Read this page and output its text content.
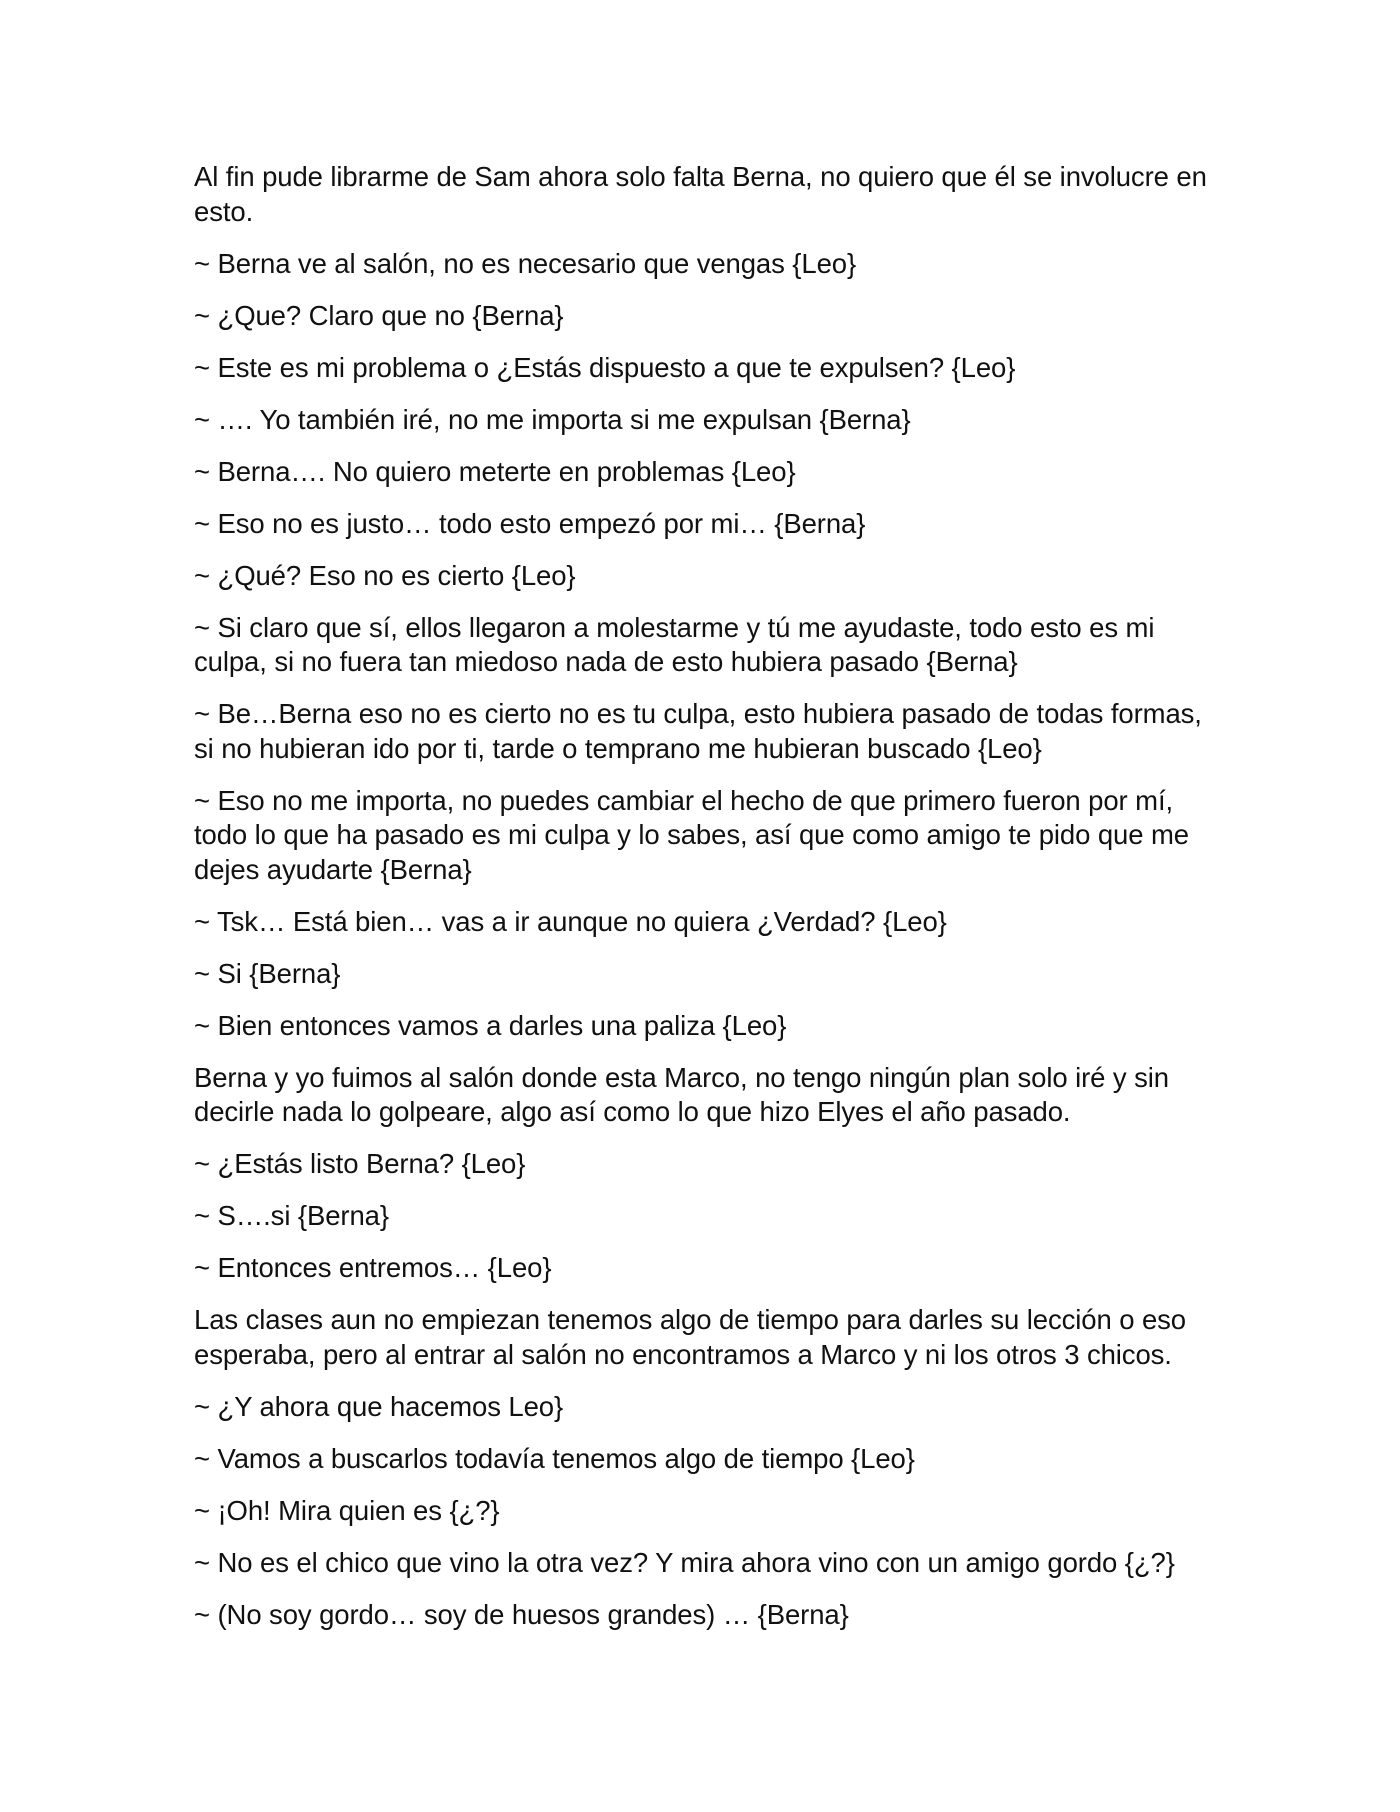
Al fin pude librarme de Sam ahora solo falta Berna, no quiero que él se involucre en esto.

~ Berna ve al salón, no es necesario que vengas {Leo}

~ ¿Que? Claro que no {Berna}

~ Este es mi problema o ¿Estás dispuesto a que te expulsen? {Leo}

~ …. Yo también iré, no me importa si me expulsan {Berna}

~ Berna…. No quiero meterte en problemas {Leo}

~ Eso no es justo… todo esto empezó por mi… {Berna}

~ ¿Qué? Eso no es cierto {Leo}

~ Si claro que sí, ellos llegaron a molestarme y tú me ayudaste, todo esto es mi culpa, si no fuera tan miedoso nada de esto hubiera pasado {Berna}

~ Be…Berna eso no es cierto no es tu culpa, esto hubiera pasado de todas formas, si no hubieran ido por ti, tarde o temprano me hubieran buscado {Leo}

~ Eso no me importa, no puedes cambiar el hecho de que primero fueron por mí, todo lo que ha pasado es mi culpa y lo sabes, así que como amigo te pido que me dejes ayudarte {Berna}

~ Tsk… Está bien… vas a ir aunque no quiera ¿Verdad? {Leo}

~ Si {Berna}

~ Bien entonces vamos a darles una paliza {Leo}

Berna y yo fuimos al salón donde esta Marco, no tengo ningún plan solo iré y sin decirle nada lo golpeare, algo así como lo que hizo Elyes el año pasado.

~ ¿Estás listo Berna? {Leo}

~ S….si {Berna}

~ Entonces entremos… {Leo}

Las clases aun no empiezan tenemos algo de tiempo para darles su lección o eso esperaba, pero al entrar al salón no encontramos a Marco y ni los otros 3 chicos.

~ ¿Y ahora que hacemos Leo}

~ Vamos a buscarlos todavía tenemos algo de tiempo {Leo}

~ ¡Oh! Mira quien es {¿?}

~ No es el chico que vino la otra vez? Y mira ahora vino con un amigo gordo {¿?}

~ (No soy gordo… soy de huesos grandes) … {Berna}
